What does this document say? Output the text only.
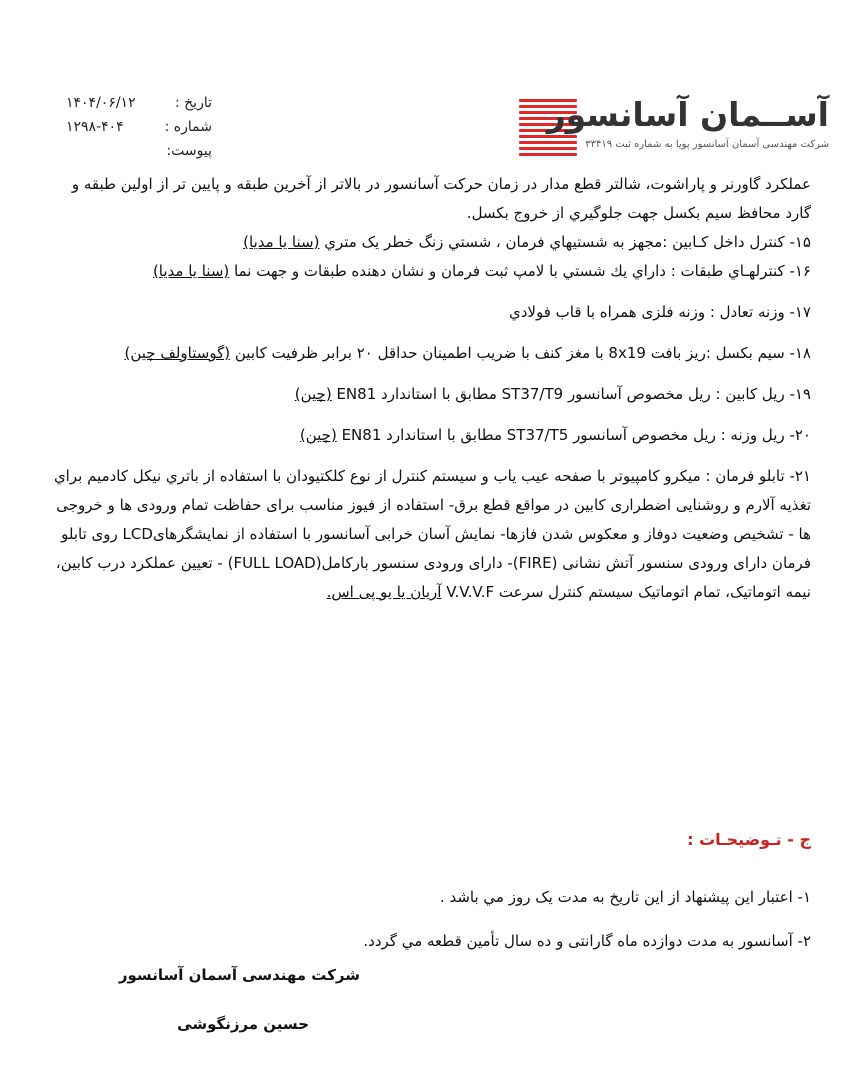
آســمان آسانسور
شرکت مهندسی آسمان آسانسور پویا به شماره ثبت ۳۳۴۱۹
تاريخ :
۱۴۰۴/۰۶/۱۲
شماره :
۱۲۹۸-۴۰۴
پيوست:

عملکرد گاورنر و پاراشوت، شالتر قطع مدار در زمان حرکت آسانسور در بالاتر از آخرین طبقه و پایین تر از اولین طبقه و گارد محافظ سیم بکسل جهت جلوگيري از خروج بکسل.

۱۵- کنترل داخل کـابين :مجهز به شستيهاي فرمان ، شستي زنگ خطر يک متري (سنا يا مديا)

۱۶- کنترلهـاي طبقات : داراي يك شستي با لامپ ثبت فرمان و نشان دهنده طبقات و جهت نما (سنا يا مديا)

۱۷- وزنه تعادل : وزنه فلزی همراه با قاب فولادي

۱۸- سيم بکسل :ریز بافت 8x19 با مغز کنف با ضریب اطمینان حداقل ۲۰ برابر ظرفيت کابين (گوستاولف چین)

۱۹- ريل کابين : ریل مخصوص آسانسور ST37/T9 مطابق با استاندارد EN81 (چین)

۲۰- ريل وزنه : ریل مخصوص آسانسور ST37/T5 مطابق با استاندارد EN81 (چین)

۲۱- تابلو فرمان : میکرو کامپیوتر با صفحه عیب یاب و سیستم کنترل از نوع کلکتیودان با استفاده از باتري نيکل کادميم براي تغذيه آلارم و روشنایی اضطراری کابين در مواقع قطع برق- استفاده از فیوز مناسب برای حفاظت تمام ورودی ها و خروجی ها - تشخیص وضعیت دوفاز و معکوس شدن فازها- نمایش آسان خرابی آسانسور با استفاده از نمایشگرهایLCD روی تابلو فرمان دارای ورودی سنسور آتش نشانی (FIRE)- دارای ورودی سنسور بارکامل(FULL LOAD) - تعيين عملکرد درب کابين، نیمه اتوماتیک، تمام اتوماتيک سيستم کنترل سرعت V.V.V.F آریان یا یو پی اس.

ج - تـوضيحـات :

۱- اعتبار اين پيشنهاد از اين تاريخ به مدت يک روز مي باشد .

۲- آسانسور به مدت دوازده ماه گارانتی و ده سال تأمين قطعه مي گردد.

شرکت مهندسی آسمان آسانسور
حسين مرزنگوشی
